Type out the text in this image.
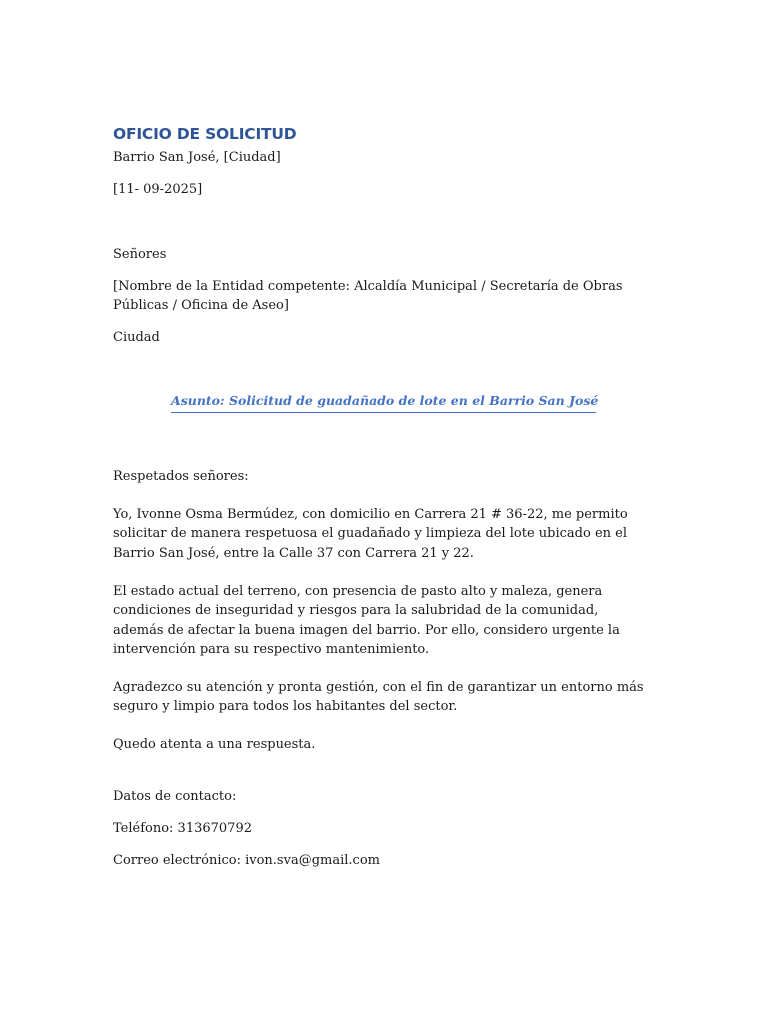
OFICIO DE SOLICITUD
Barrio San José, [Ciudad]
[11- 09-2025]
Señores
[Nombre de la Entidad competente: Alcaldía Municipal / Secretaría de Obras Públicas / Oficina de Aseo]
Ciudad
Asunto: Solicitud de guadañado de lote en el Barrio San José
Respetados señores:
Yo, Ivonne Osma Bermúdez, con domicilio en Carrera 21 # 36-22, me permito solicitar de manera respetuosa el guadañado y limpieza del lote ubicado en el Barrio San José, entre la Calle 37 con Carrera 21 y 22.
El estado actual del terreno, con presencia de pasto alto y maleza, genera condiciones de inseguridad y riesgos para la salubridad de la comunidad, además de afectar la buena imagen del barrio. Por ello, considero urgente la intervención para su respectivo mantenimiento.
Agradezco su atención y pronta gestión, con el fin de garantizar un entorno más seguro y limpio para todos los habitantes del sector.
Quedo atenta a una respuesta.
Datos de contacto:
Teléfono: 313670792
Correo electrónico: ivon.sva@gmail.com
